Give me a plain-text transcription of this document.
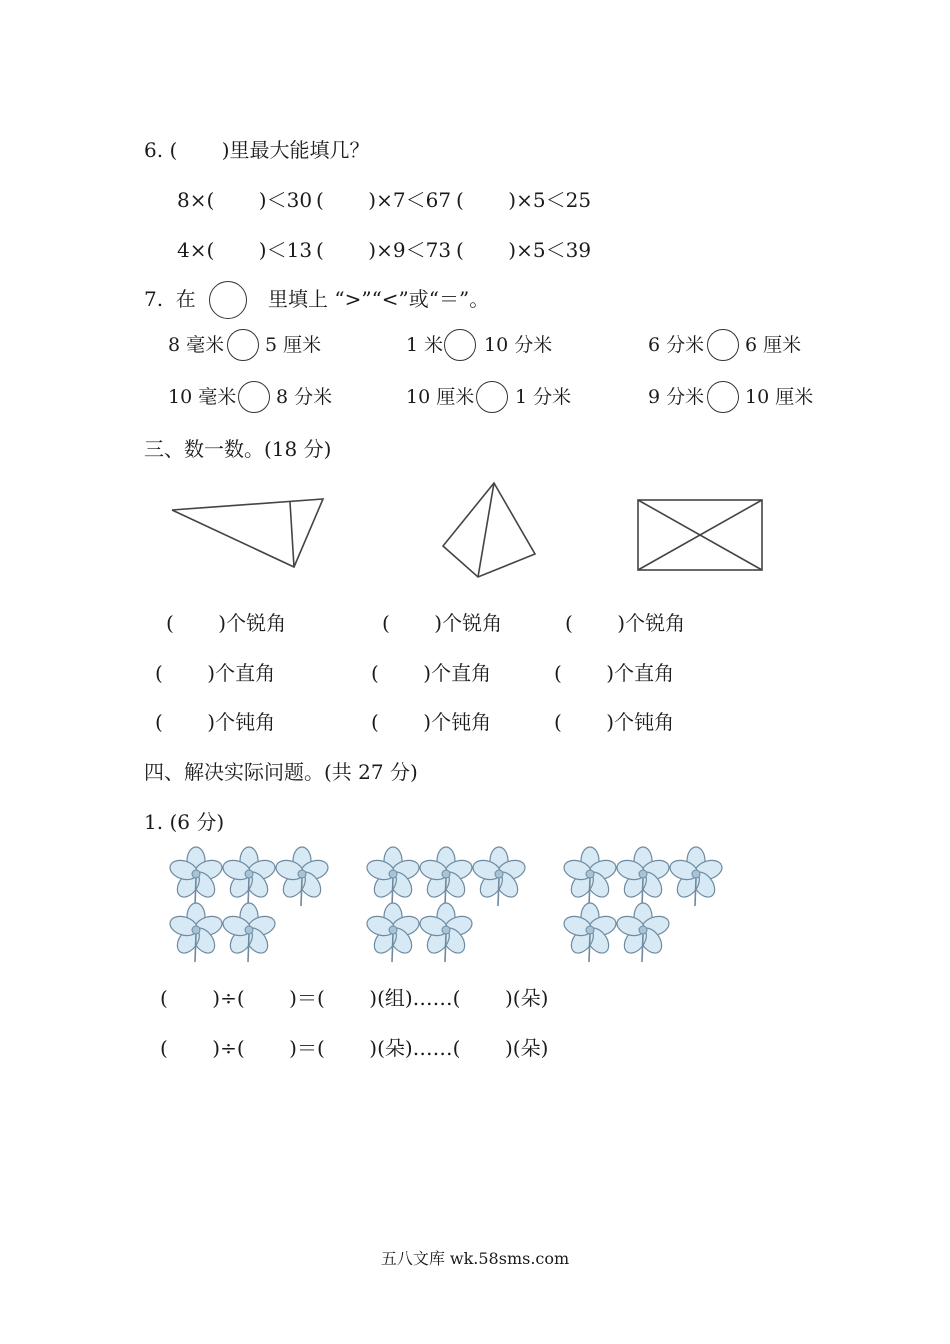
6. (       )里最大能填几？
8×(       )＜30 (       )×7＜67 (       )×5＜25
4×(       )＜13 (       )×9＜73 (       )×5＜39
7.  在	里填上 “>”“<”或“＝”。
8 毫米 5 厘米	1 米 10 分米	6 分米 6 厘米
10 毫米 8 分米	10 厘米 1 分米	9 分米 10 厘米
三、数一数。(18 分)
(       )个锐角	(       )个锐角	(       )个锐角
(       )个直角	(       )个直角	(       )个直角
(       )个钝角	(       )个钝角	(       )个钝角
四、解决实际问题。(共 27 分)
1. (6 分)
(       )÷(       )＝(       )(组)……(       )(朵)
(       )÷(       )＝(       )(朵)……(       )(朵)
五八文库 wk.58sms.com
